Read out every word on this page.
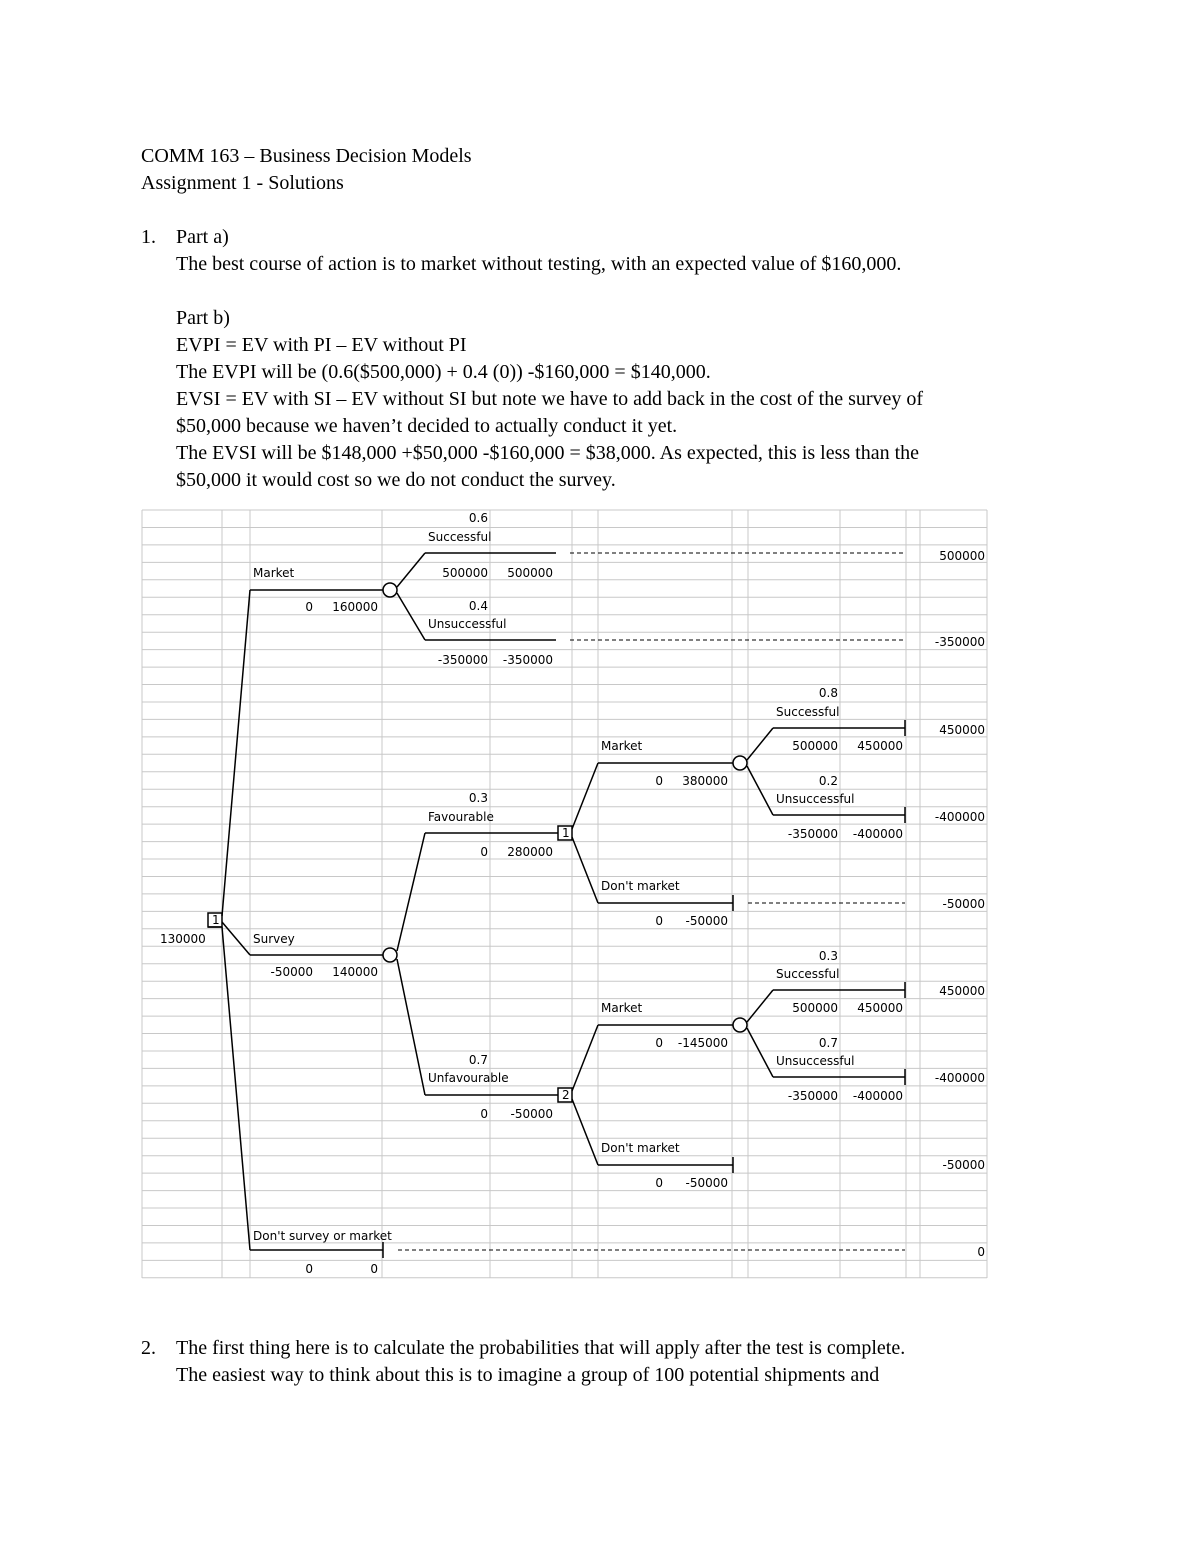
COMM 163 – Business Decision Models
Assignment 1 - Solutions
1. Part a)
The best course of action is to market without testing, with an expected value of $160,000.
Part b)
EVPI = EV with PI – EV without PI
The EVPI will be (0.6($500,000) + 0.4 (0)) -$160,000 = $140,000.
EVSI = EV with SI – EV without SI but note we have to add back in the cost of the survey of
$50,000 because we haven’t decided to actually conduct it yet.
The EVSI will be $148,000 +$50,000 -$160,000 = $38,000. As expected, this is less than the
$50,000 it would cost so we do not conduct the survey.
130000
1
Market
0 160000
0.6
Successful
500000 500000
500000
0.4
Unsuccessful
-350000 -350000
-350000
Survey
-50000 140000
0.3
Favourable
0 280000
1
Market
0 380000
0.8
Successful
500000 450000
450000
0.2
Unsuccessful
-350000 -400000
-400000
Don't market
0 -50000
-50000
0.7
Unfavourable
0 -50000
2
Market
0 -145000
0.3
Successful
500000 450000
450000
0.7
Unsuccessful
-350000 -400000
-400000
Don't market
0 -50000
-50000
Don't survey or market
0	0
0
2. The first thing here is to calculate the probabilities that will apply after the test is complete.
The easiest way to think about this is to imagine a group of 100 potential shipments and
